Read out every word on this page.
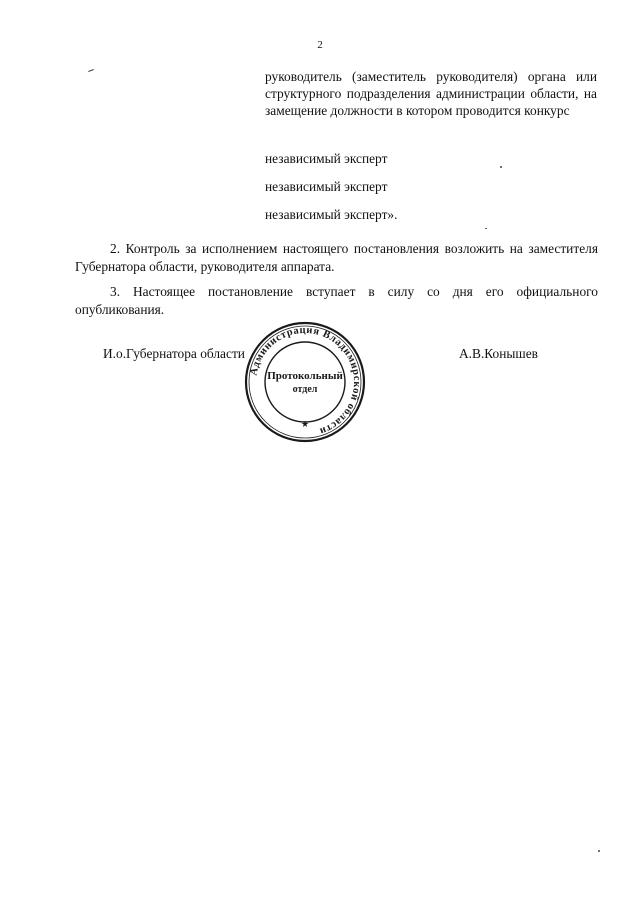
2
руководитель (заместитель руководителя) органа или структурного подразделения администрации области, на замещение должности в котором проводится конкурс
независимый эксперт
независимый эксперт
независимый эксперт».
2. Контроль за исполнением настоящего постановления возложить на заместителя Губернатора области, руководителя аппарата.
3. Настоящее постановление вступает в силу со дня его официального опубликования.
И.о.Губернатора области	А.В.Конышев
Администрация Владимирской области
★
Протокольный
отдел
